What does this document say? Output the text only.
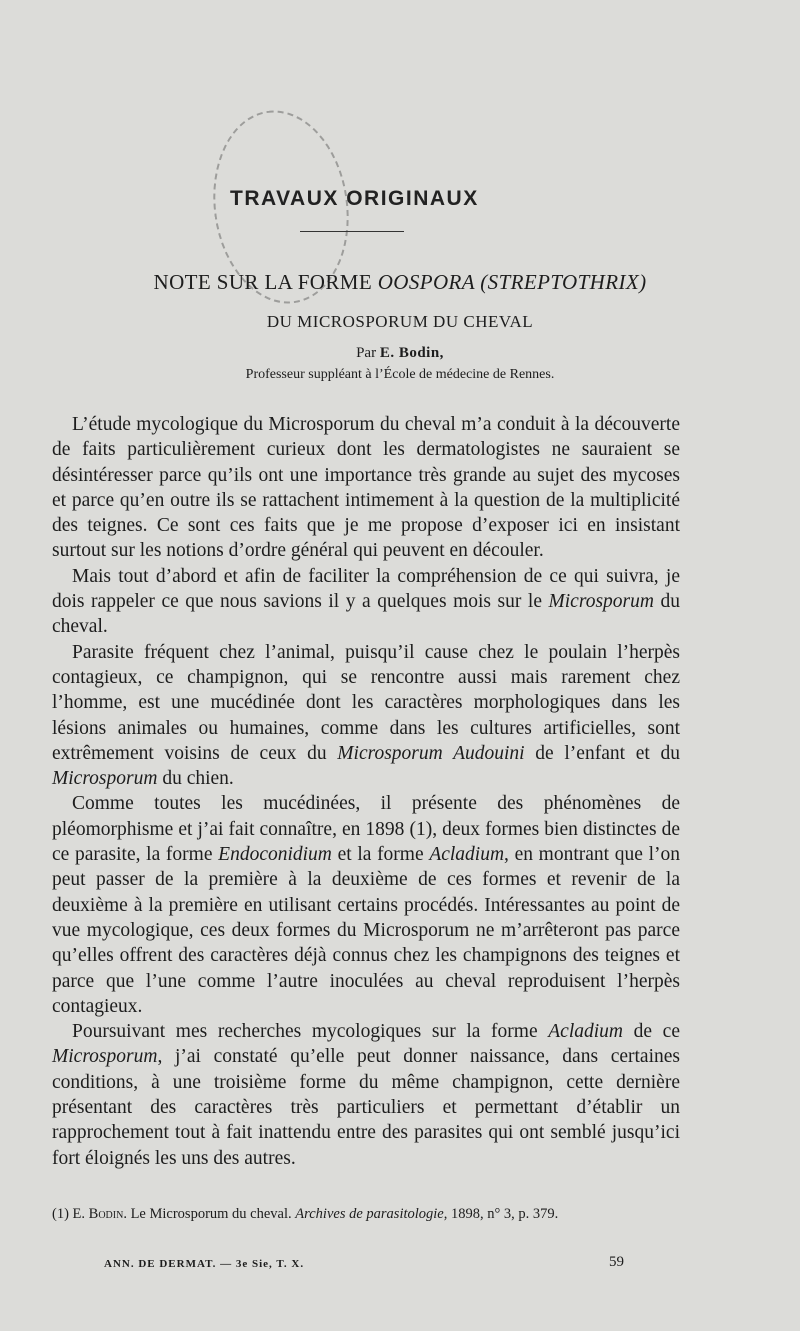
TRAVAUX ORIGINAUX
NOTE SUR LA FORME OOSPORA (STREPTOTHRIX)
DU MICROSPORUM DU CHEVAL
Par E. Bodin,
Professeur suppléant à l’École de médecine de Rennes.

L’étude mycologique du Microsporum du cheval m’a conduit à la découverte de faits particulièrement curieux dont les dermatologistes ne sauraient se désintéresser parce qu’ils ont une importance très grande au sujet des mycoses et parce qu’en outre ils se rattachent intimement à la question de la multiplicité des teignes. Ce sont ces faits que je me propose d’exposer ici en insistant surtout sur les notions d’ordre général qui peuvent en découler.

Mais tout d’abord et afin de faciliter la compréhension de ce qui suivra, je dois rappeler ce que nous savions il y a quelques mois sur le Microsporum du cheval.

Parasite fréquent chez l’animal, puisqu’il cause chez le poulain l’herpès contagieux, ce champignon, qui se rencontre aussi mais rarement chez l’homme, est une mucédinée dont les caractères morphologiques dans les lésions animales ou humaines, comme dans les cultures artificielles, sont extrêmement voisins de ceux du Microsporum Audouini de l’enfant et du Microsporum du chien.

Comme toutes les mucédinées, il présente des phénomènes de pléomorphisme et j’ai fait connaître, en 1898 (1), deux formes bien distinctes de ce parasite, la forme Endoconidium et la forme Acladium, en montrant que l’on peut passer de la première à la deuxième de ces formes et revenir de la deuxième à la première en utilisant certains procédés. Intéressantes au point de vue mycologique, ces deux formes du Microsporum ne m’arrêteront pas parce qu’elles offrent des caractères déjà connus chez les champignons des teignes et parce que l’une comme l’autre inoculées au cheval reproduisent l’herpès contagieux.

Poursuivant mes recherches mycologiques sur la forme Acladium de ce Microsporum, j’ai constaté qu’elle peut donner naissance, dans certaines conditions, à une troisième forme du même champignon, cette dernière présentant des caractères très particuliers et permettant d’établir un rapprochement tout à fait inattendu entre des parasites qui ont semblé jusqu’ici fort éloignés les uns des autres.

(1) E. Bodin. Le Microsporum du cheval. Archives de parasitologie, 1898, n° 3, p. 379.
ANN. DE DERMAT. — 3e Sie, T. X.	59
